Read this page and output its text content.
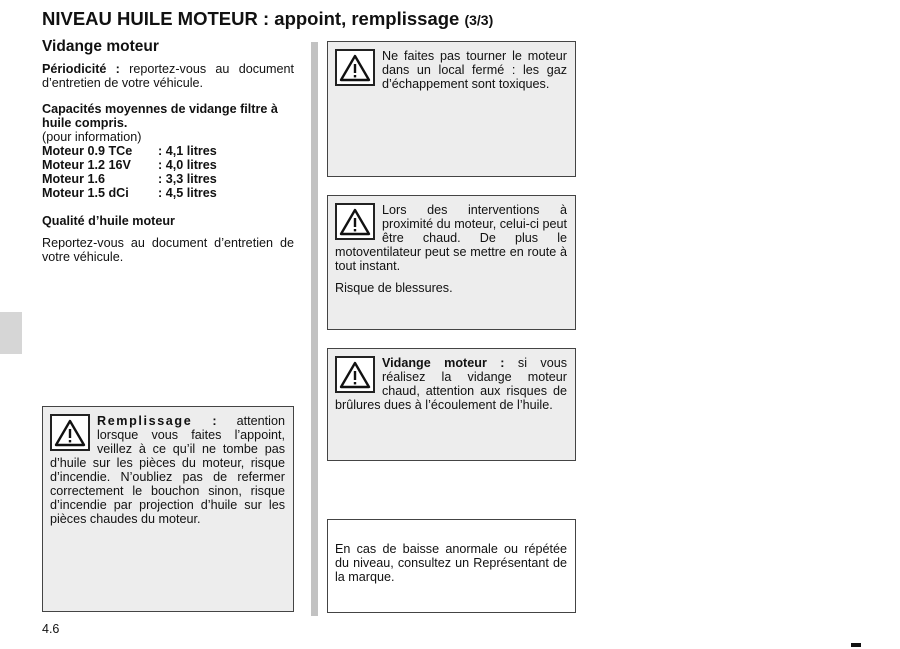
NIVEAU HUILE MOTEUR : appoint, remplissage (3/3)
Vidange moteur

Périodicité : reportez-vous au document d’entretien de votre véhicule.

Capacités moyennes de vidange filtre à huile compris.

(pour information)

Moteur 0.9 TCe	: 4,1 litres
Moteur 1.2 16V	: 4,0 litres
Moteur 1.6	: 3,3 litres
Moteur 1.5 dCi	: 4,5 litres

Qualité d’huile moteur

Reportez-vous au document d’entretien de votre véhicule.

Remplissage : attention lorsque vous faites l’appoint, veillez à ce qu’il ne tombe pas d’huile sur les pièces du moteur, risque d’incendie. N’oubliez pas de refermer correctement le bouchon sinon, risque d’incendie par projection d’huile sur les pièces chaudes du moteur.
Ne faites pas tourner le moteur dans un local fermé : les gaz d’échappement sont toxiques.

Lors des interventions à proximité du moteur, celui-ci peut être chaud. De plus le motoventilateur peut se mettre en route à tout instant.

Risque de blessures.

Vidange moteur : si vous réalisez la vidange moteur chaud, attention aux risques de brûlures dues à l’écoulement de l’huile.
En cas de baisse anormale ou répétée du niveau, consultez un Représentant de la marque.
4.6
